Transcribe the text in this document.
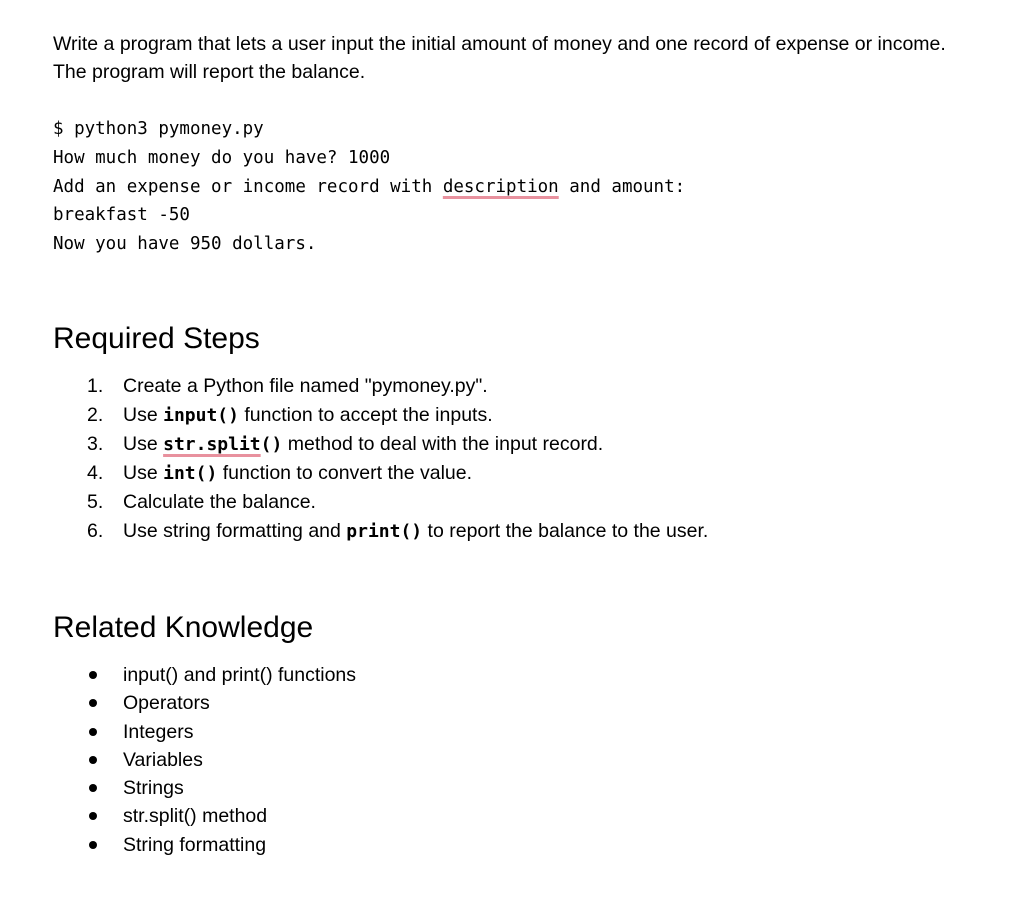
Write a program that lets a user input the initial amount of money and one record of expense or income. The program will report the balance.

$ python3 pymoney.py
How much money do you have? 1000
Add an expense or income record with description and amount:
breakfast -50
Now you have 950 dollars.
Required Steps
1. Create a Python file named "pymoney.py".
2. Use input() function to accept the inputs.
3. Use str.split() method to deal with the input record.
4. Use int() function to convert the value.
5. Calculate the balance.
6. Use string formatting and print() to report the balance to the user.
Related Knowledge
input() and print() functions
Operators
Integers
Variables
Strings
str.split() method
String formatting
